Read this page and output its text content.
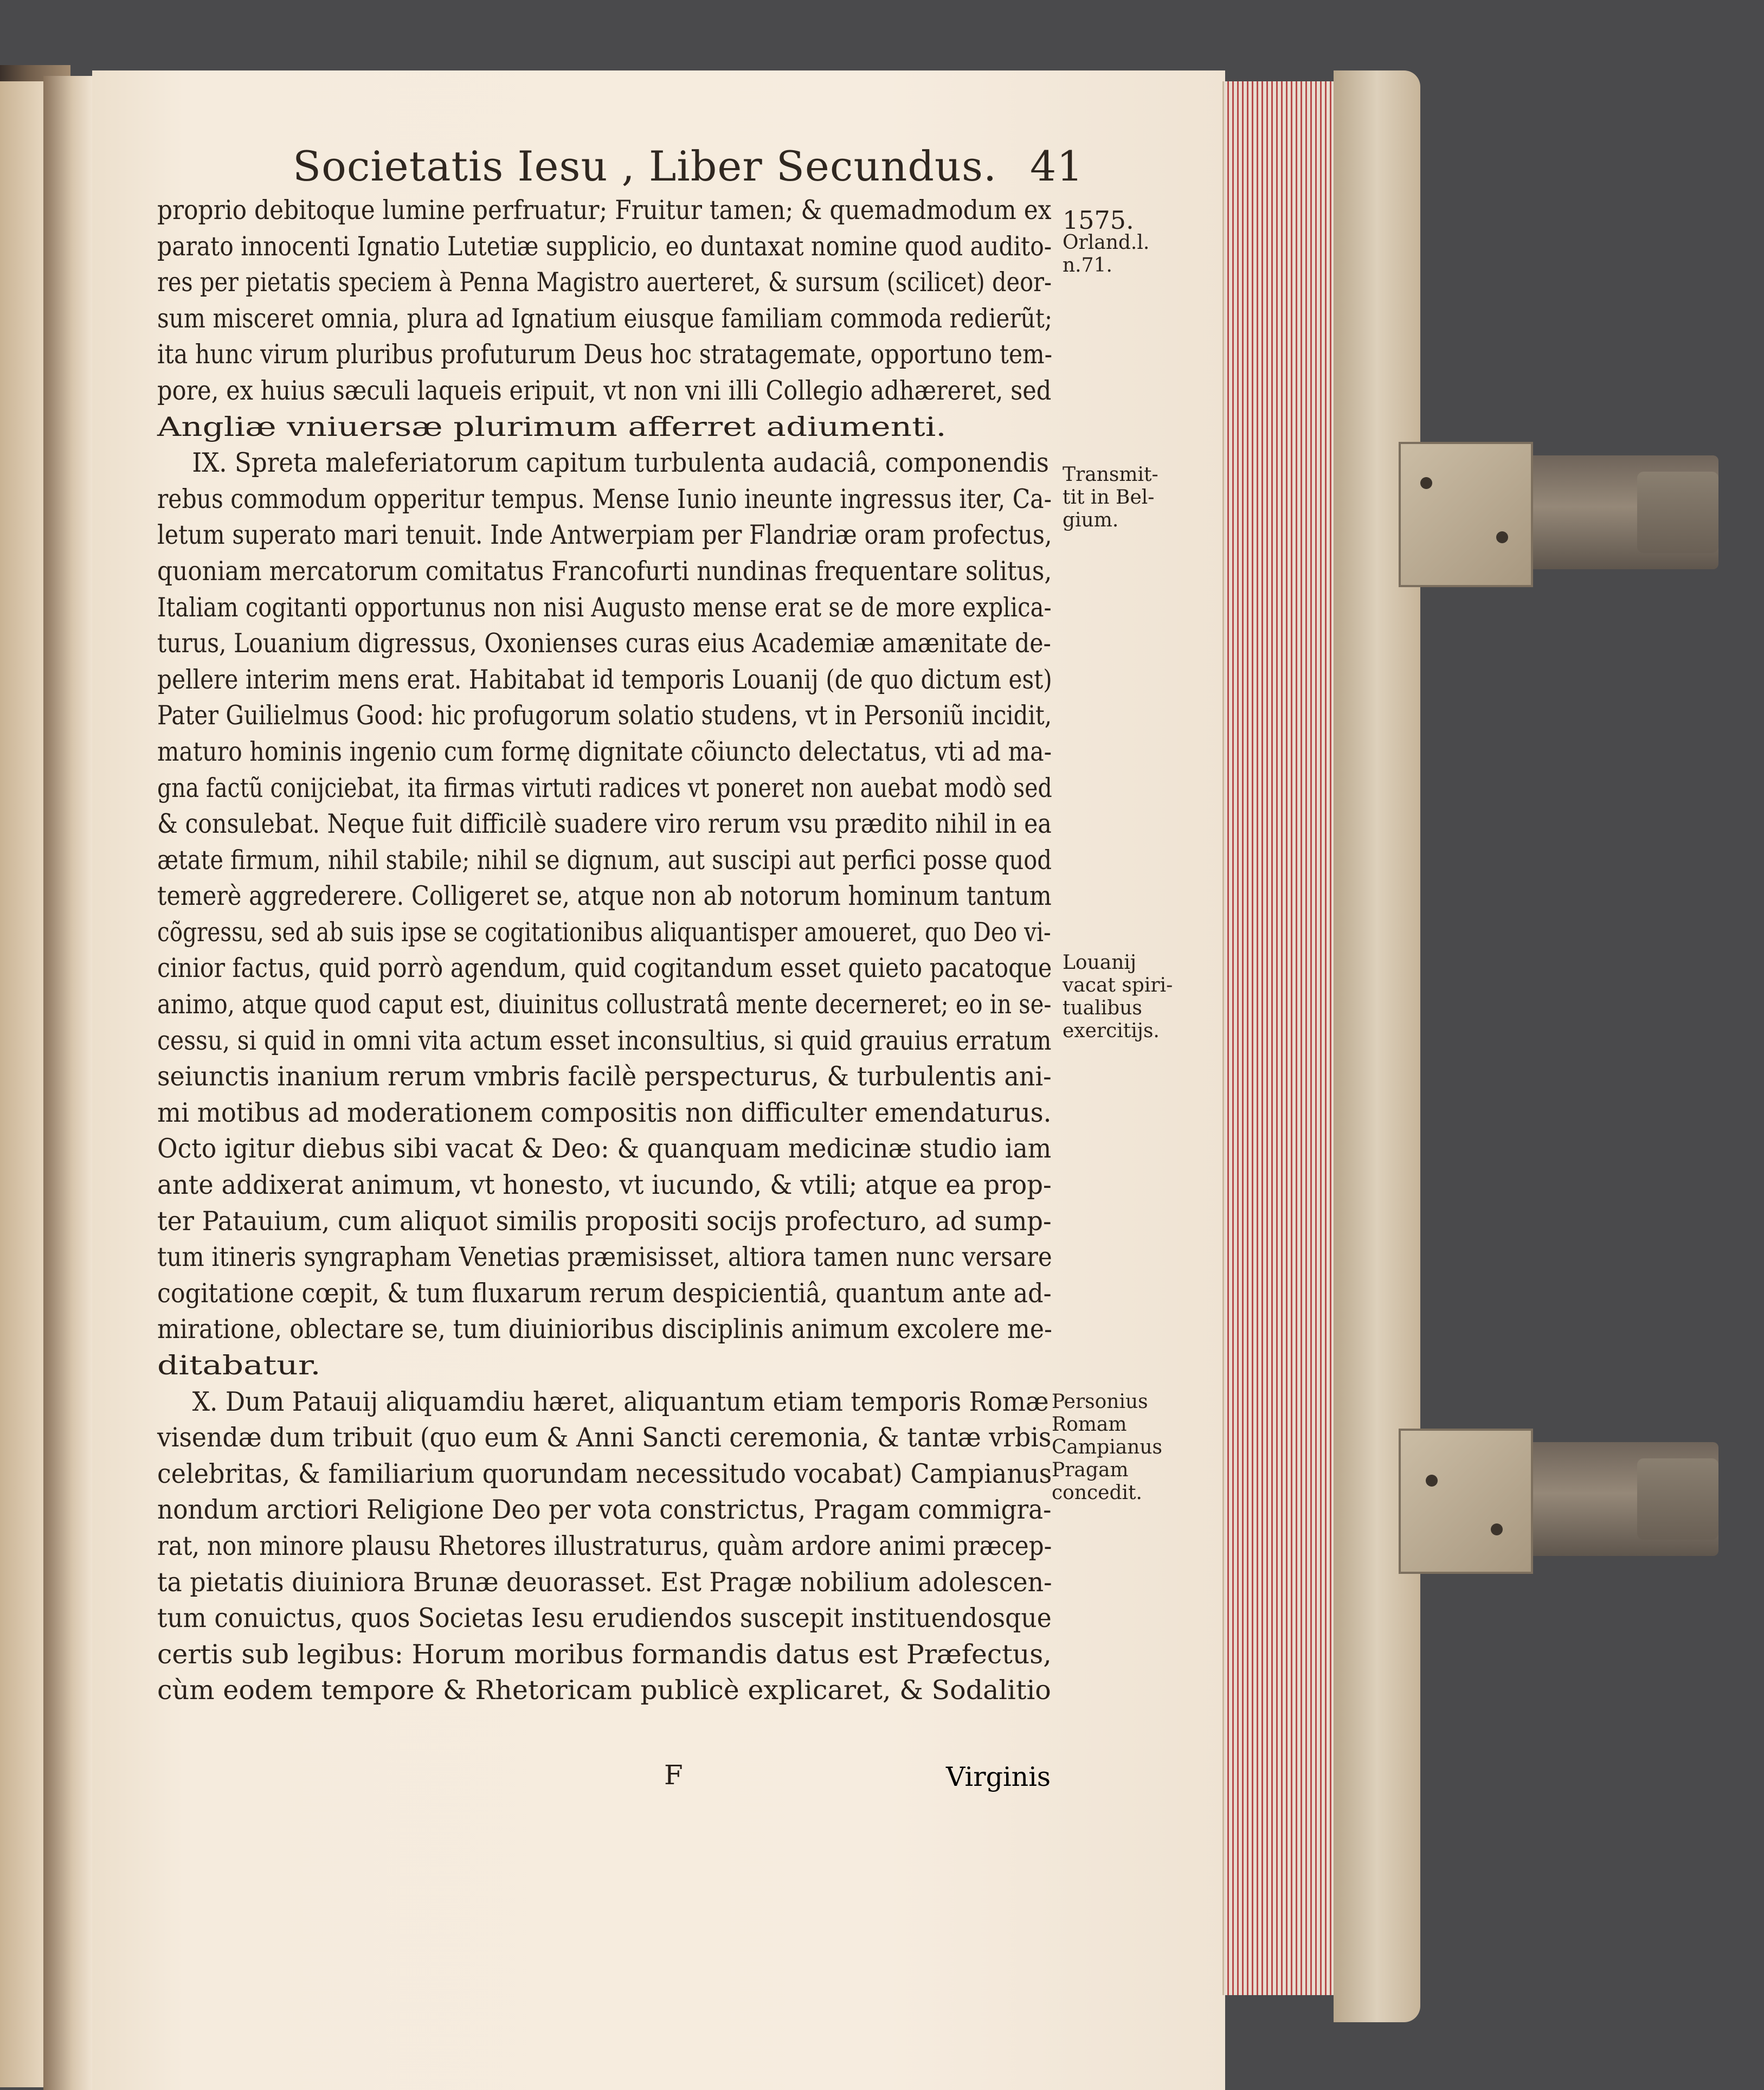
Societatis Iesu , Liber Secundus. 41
proprio debitoque lumine perfruatur; Fruitur tamen; & quemadmodum ex
parato innocenti Ignatio Lutetiæ supplicio, eo duntaxat nomine quod audito-
res per pietatis speciem à Penna Magistro auerteret, & sursum (scilicet) deor-
sum misceret omnia, plura ad Ignatium eiusque familiam commoda redierũt;
ita hunc virum pluribus profuturum Deus hoc stratagemate, opportuno tem-
pore, ex huius sæculi laqueis eripuit, vt non vni illi Collegio adhæreret, sed
Angliæ vniuersæ plurimum afferret adiumenti.
IX. Spreta maleferiatorum capitum turbulenta audaciâ, componendis
rebus commodum opperitur tempus. Mense Iunio ineunte ingressus iter, Ca-
letum superato mari tenuit. Inde Antwerpiam per Flandriæ oram profectus,
quoniam mercatorum comitatus Francofurti nundinas frequentare solitus,
Italiam cogitanti opportunus non nisi Augusto mense erat se de more explica-
turus, Louanium digressus, Oxonienses curas eius Academiæ amænitate de-
pellere interim mens erat. Habitabat id temporis Louanij (de quo dictum est)
Pater Guilielmus Good: hic profugorum solatio studens, vt in Personiũ incidit,
maturo hominis ingenio cum formę dignitate cõiuncto delectatus, vti ad ma-
gna factũ conijciebat, ita firmas virtuti radices vt poneret non auebat modò sed
& consulebat. Neque fuit difficilè suadere viro rerum vsu prædito nihil in ea
ætate firmum, nihil stabile; nihil se dignum, aut suscipi aut perfici posse quod
temerè aggrederere. Colligeret se, atque non ab notorum hominum tantum
cõgressu, sed ab suis ipse se cogitationibus aliquantisper amoueret, quo Deo vi-
cinior factus, quid porrò agendum, quid cogitandum esset quieto pacatoque
animo, atque quod caput est, diuinitus collustratâ mente decerneret; eo in se-
cessu, si quid in omni vita actum esset inconsultius, si quid grauius erratum
seiunctis inanium rerum vmbris facilè perspecturus, & turbulentis ani-
mi motibus ad moderationem compositis non difficulter emendaturus.
Octo igitur diebus sibi vacat & Deo: & quanquam medicinæ studio iam
ante addixerat animum, vt honesto, vt iucundo, & vtili; atque ea prop-
ter Patauium, cum aliquot similis propositi socijs profecturo, ad sump-
tum itineris syngrapham Venetias præmisisset, altiora tamen nunc versare
cogitatione cœpit, & tum fluxarum rerum despicientiâ, quantum ante ad-
miratione, oblectare se, tum diuinioribus disciplinis animum excolere me-
ditabatur.
X. Dum Patauij aliquamdiu hæret, aliquantum etiam temporis Romæ
visendæ dum tribuit (quo eum & Anni Sancti ceremonia, & tantæ vrbis
celebritas, & familiarium quorundam necessitudo vocabat) Campianus
nondum arctiori Religione Deo per vota constrictus, Pragam commigra-
rat, non minore plausu Rhetores illustraturus, quàm ardore animi præcep-
ta pietatis diuiniora Brunæ deuorasset. Est Pragæ nobilium adolescen-
tum conuictus, quos Societas Iesu erudiendos suscepit instituendosque
certis sub legibus: Horum moribus formandis datus est Præfectus,
cùm eodem tempore & Rhetoricam publicè explicaret, & Sodalitio
1575.
Orland.l.
n.71.
Transmit-
tit in Bel-
gium.
Louanij
vacat spiri-
tualibus
exercitijs.
Personius
Romam
Campianus
Pragam
concedit.
F	Virginis
